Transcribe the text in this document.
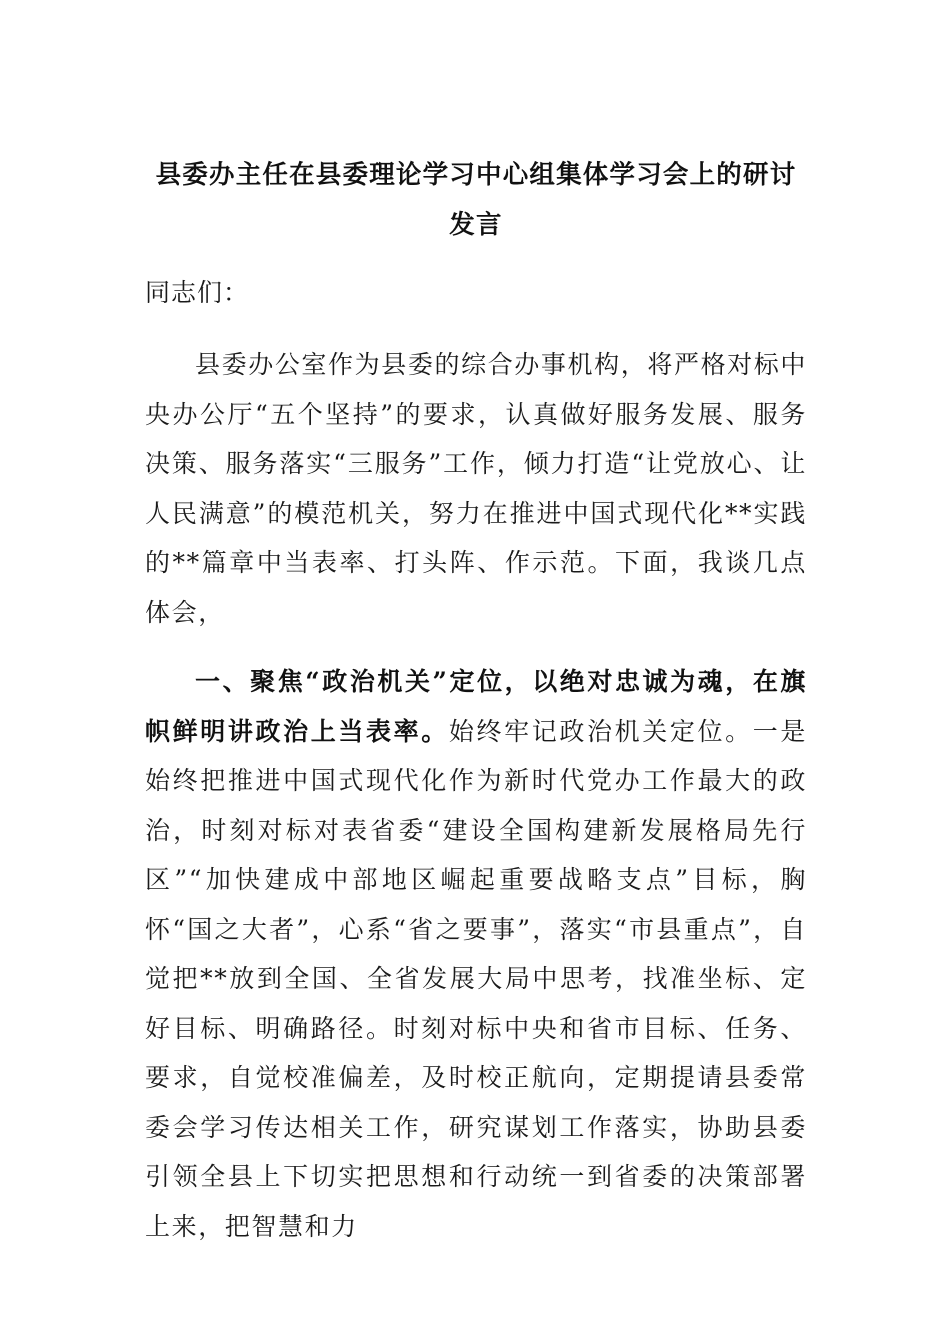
县委办主任在县委理论学习中心组集体学习会上的研讨发言

同志们：

县委办公室作为县委的综合办事机构，将严格对标中央办公厅“五个坚持”的要求，认真做好服务发展、服务决策、服务落实“三服务”工作，倾力打造“让党放心、让人民满意”的模范机关，努力在推进中国式现代化**实践的**篇章中当表率、打头阵、作示范。下面，我谈几点体会，

一、聚焦“政治机关”定位，以绝对忠诚为魂，在旗帜鲜明讲政治上当表率。始终牢记政治机关定位。一是始终把推进中国式现代化作为新时代党办工作最大的政治，时刻对标对表省委“建设全国构建新发展格局先行区”“加快建成中部地区崛起重要战略支点”目标，胸怀“国之大者”，心系“省之要事”，落实“市县重点”，自觉把**放到全国、全省发展大局中思考，找准坐标、定好目标、明确路径。时刻对标中央和省市目标、任务、要求，自觉校准偏差，及时校正航向，定期提请县委常委会学习传达相关工作，研究谋划工作落实，协助县委引领全县上下切实把思想和行动统一到省委的决策部署上来，把智慧和力
